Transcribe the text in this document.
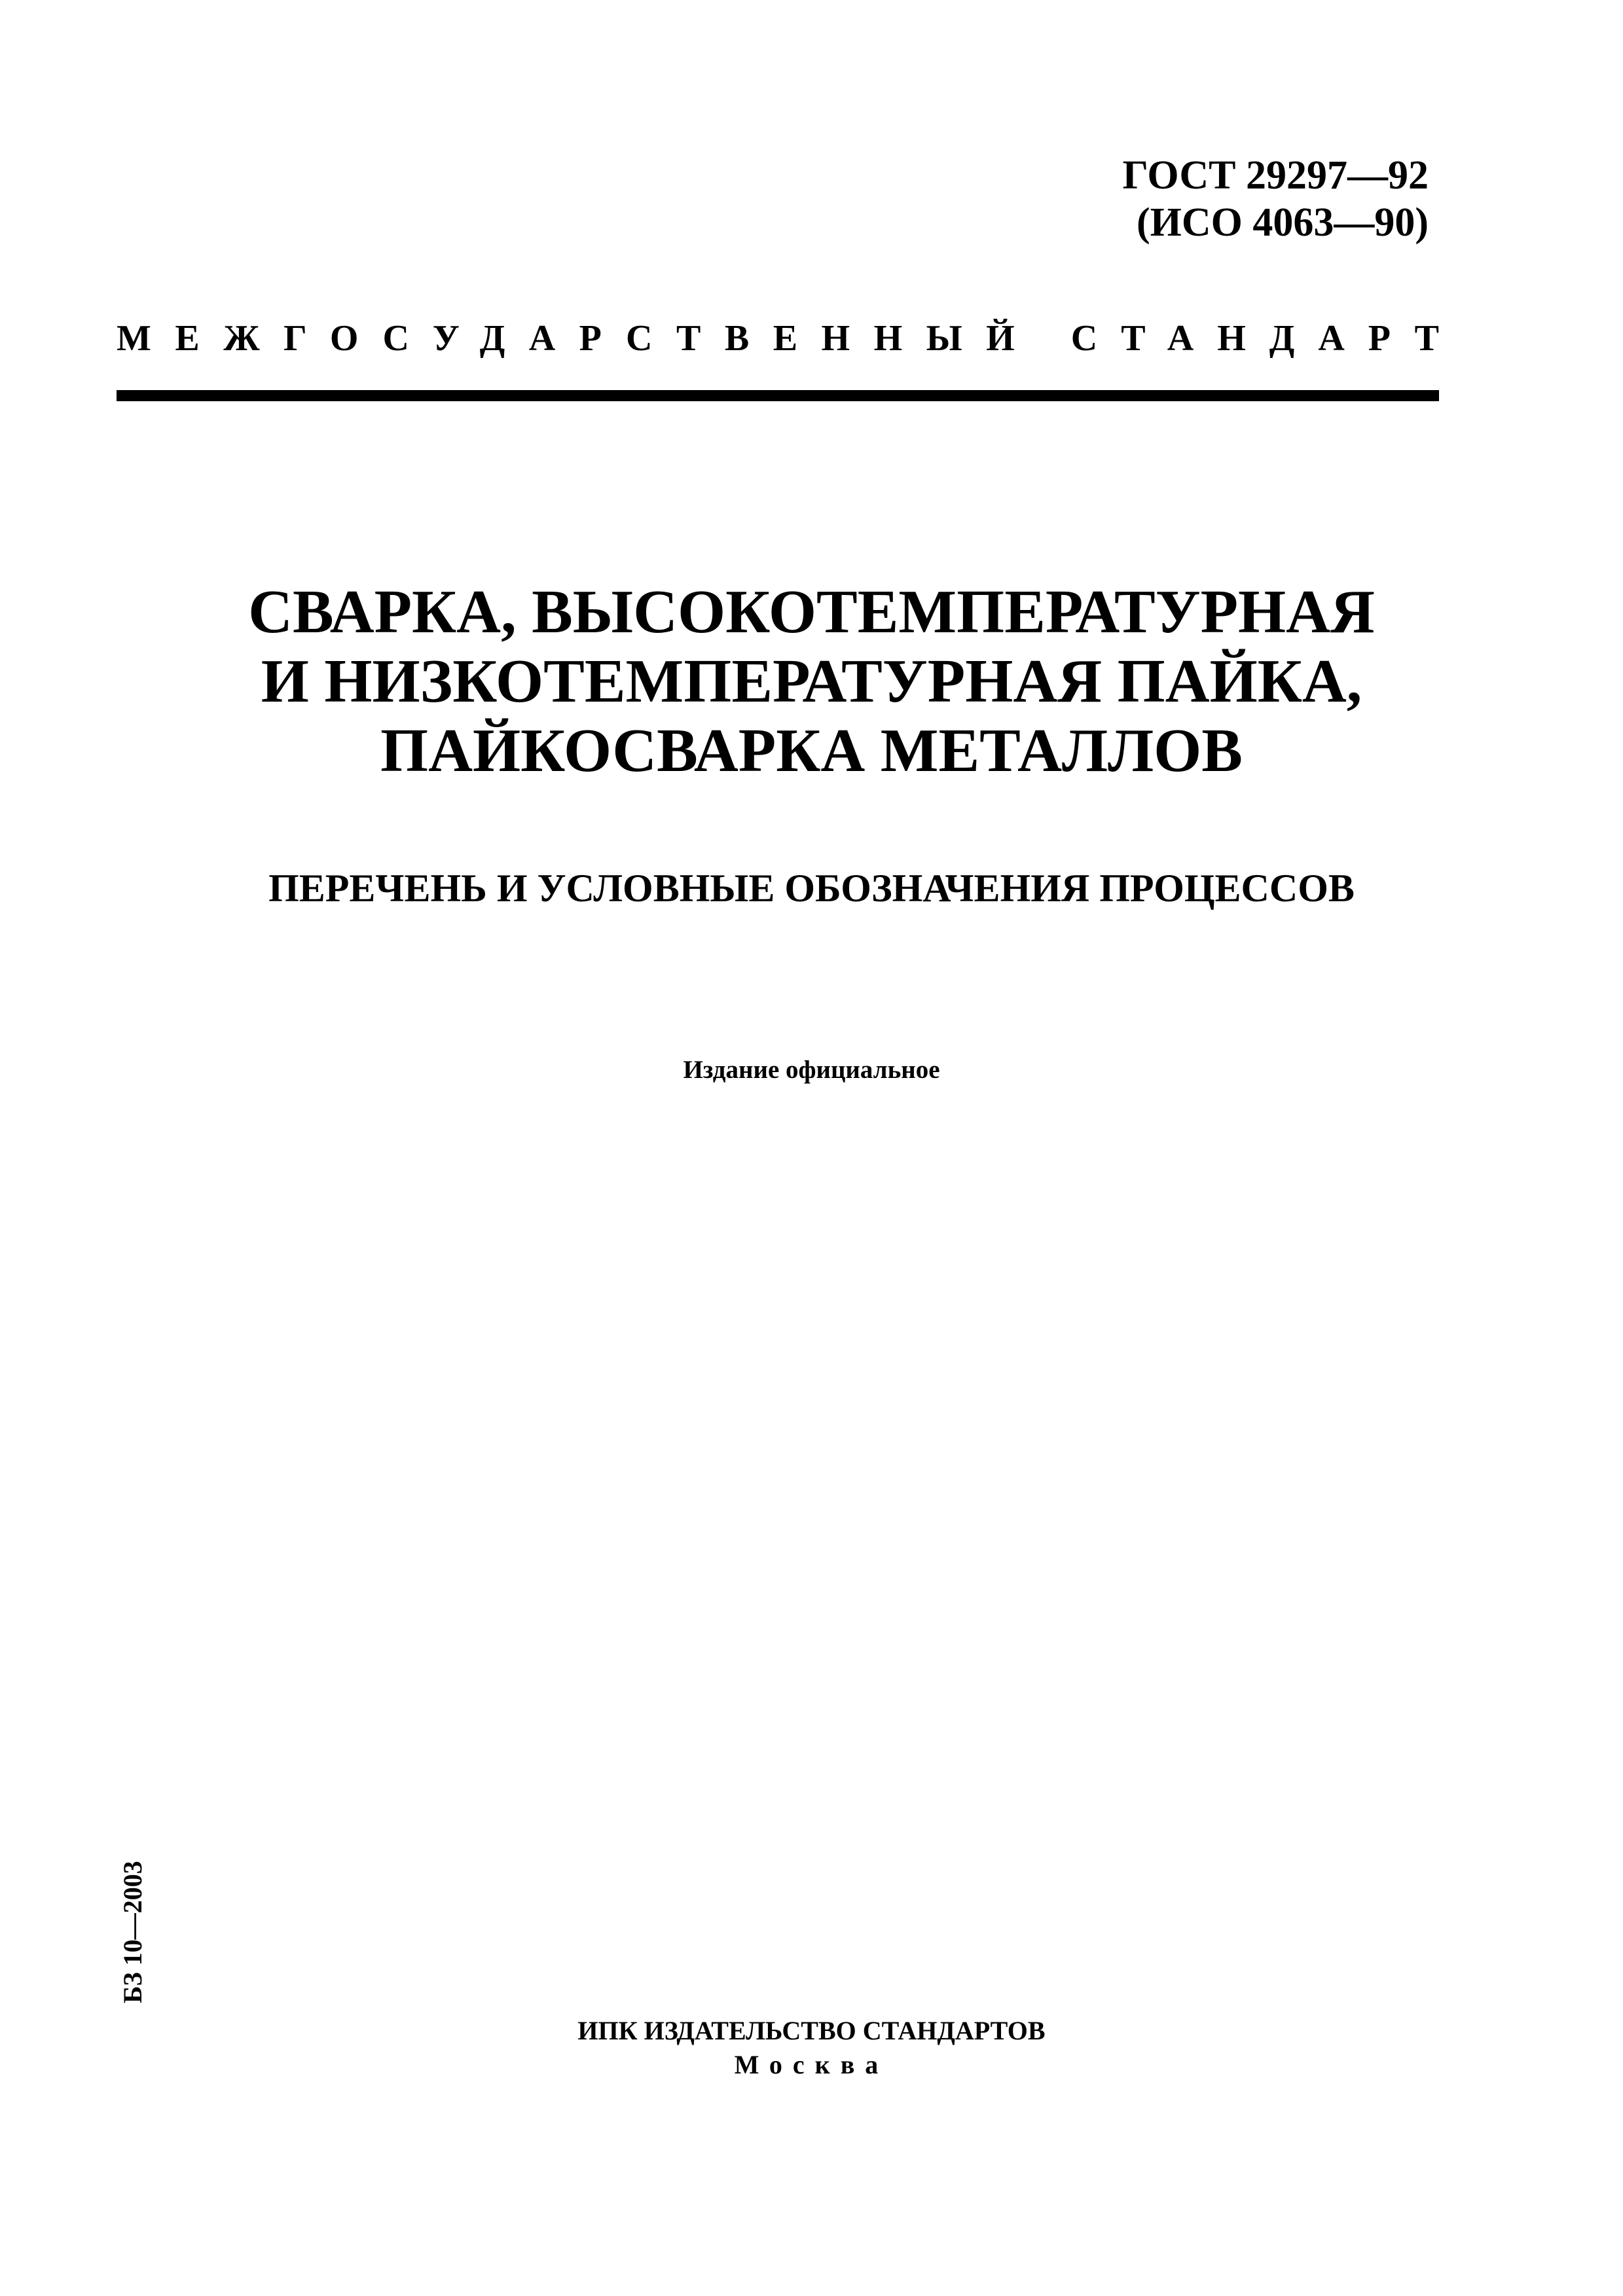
ГОСТ 29297—92
(ИСО 4063—90)
МЕЖГОСУДАРСТВЕННЫЙ СТАНДАРТ
СВАРКА, ВЫСОКОТЕМПЕРАТУРНАЯ
И НИЗКОТЕМПЕРАТУРНАЯ ПАЙКА,
ПАЙКОСВАРКА МЕТАЛЛОВ
ПЕРЕЧЕНЬ И УСЛОВНЫЕ ОБОЗНАЧЕНИЯ ПРОЦЕССОВ
Издание официальное
БЗ 10—2003
ИПК ИЗДАТЕЛЬСТВО СТАНДАРТОВ
Москва
